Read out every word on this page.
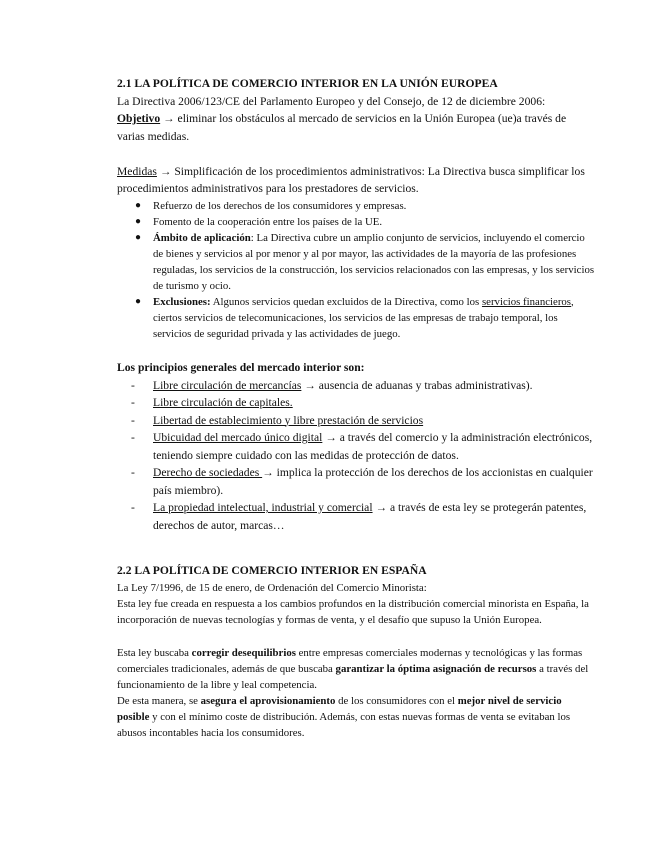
2.1 LA POLÍTICA DE COMERCIO INTERIOR EN LA UNIÓN EUROPEA

La Directiva 2006/123/CE del Parlamento Europeo y del Consejo, de 12 de diciembre 2006:

Objetivo → eliminar los obstáculos al mercado de servicios en la Unión Europea (ue)a través de varias medidas.

Medidas → Simplificación de los procedimientos administrativos: La Directiva busca simplificar los procedimientos administrativos para los prestadores de servicios.

● Refuerzo de los derechos de los consumidores y empresas.
● Fomento de la cooperación entre los países de la UE.
● Ámbito de aplicación: La Directiva cubre un amplio conjunto de servicios, incluyendo el comercio de bienes y servicios al por menor y al por mayor, las actividades de la mayoría de las profesiones reguladas, los servicios de la construcción, los servicios relacionados con las empresas, y los servicios de turismo y ocio.
● Exclusiones: Algunos servicios quedan excluidos de la Directiva, como los servicios financieros, ciertos servicios de telecomunicaciones, los servicios de las empresas de trabajo temporal, los servicios de seguridad privada y las actividades de juego.

Los principios generales del mercado interior son:

- Libre circulación de mercancías → ausencia de aduanas y trabas administrativas).
- Libre circulación de capitales.
- Libertad de establecimiento y libre prestación de servicios
- Ubicuidad del mercado único digital → a través del comercio y la administración electrónicos, teniendo siempre cuidado con las medidas de protección de datos.
- Derecho de sociedades → implica la protección de los derechos de los accionistas en cualquier país miembro).
- La propiedad intelectual, industrial y comercial → a través de esta ley se protegerán patentes, derechos de autor, marcas…
2.2 LA POLÍTICA DE COMERCIO INTERIOR EN ESPAÑA

La Ley 7/1996, de 15 de enero, de Ordenación del Comercio Minorista:

Esta ley fue creada en respuesta a los cambios profundos en la distribución comercial minorista en España, la incorporación de nuevas tecnologías y formas de venta, y el desafío que supuso la Unión Europea.

Esta ley buscaba corregir desequilibrios entre empresas comerciales modernas y tecnológicas y las formas comerciales tradicionales, además de que buscaba garantizar la óptima asignación de recursos a través del funcionamiento de la libre y leal competencia.

De esta manera, se asegura el aprovisionamiento de los consumidores con el mejor nivel de servicio posible y con el mínimo coste de distribución. Además, con estas nuevas formas de venta se evitaban los abusos incontables hacia los consumidores.
